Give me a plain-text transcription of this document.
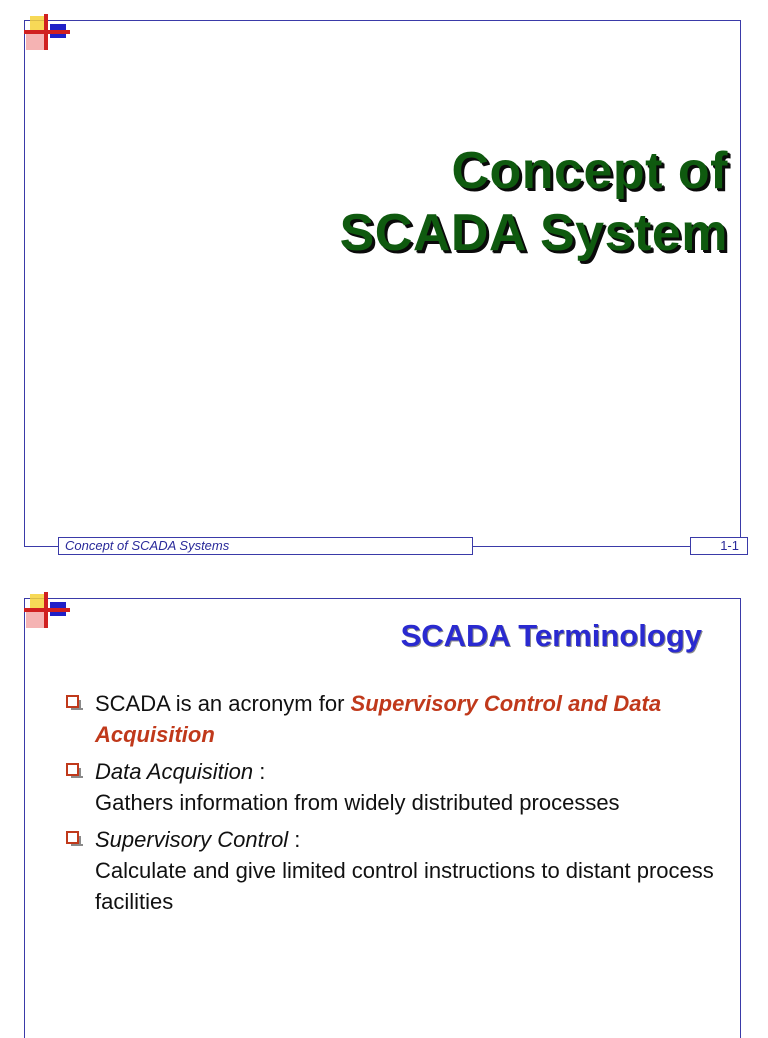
Concept of
SCADA System
Concept of SCADA Systems	1-1
SCADA Terminology
SCADA is an acronym for Supervisory Control and Data Acquisition
Data Acquisition :
Gathers information from widely distributed processes
Supervisory Control :
Calculate and give limited control instructions to distant process facilities
